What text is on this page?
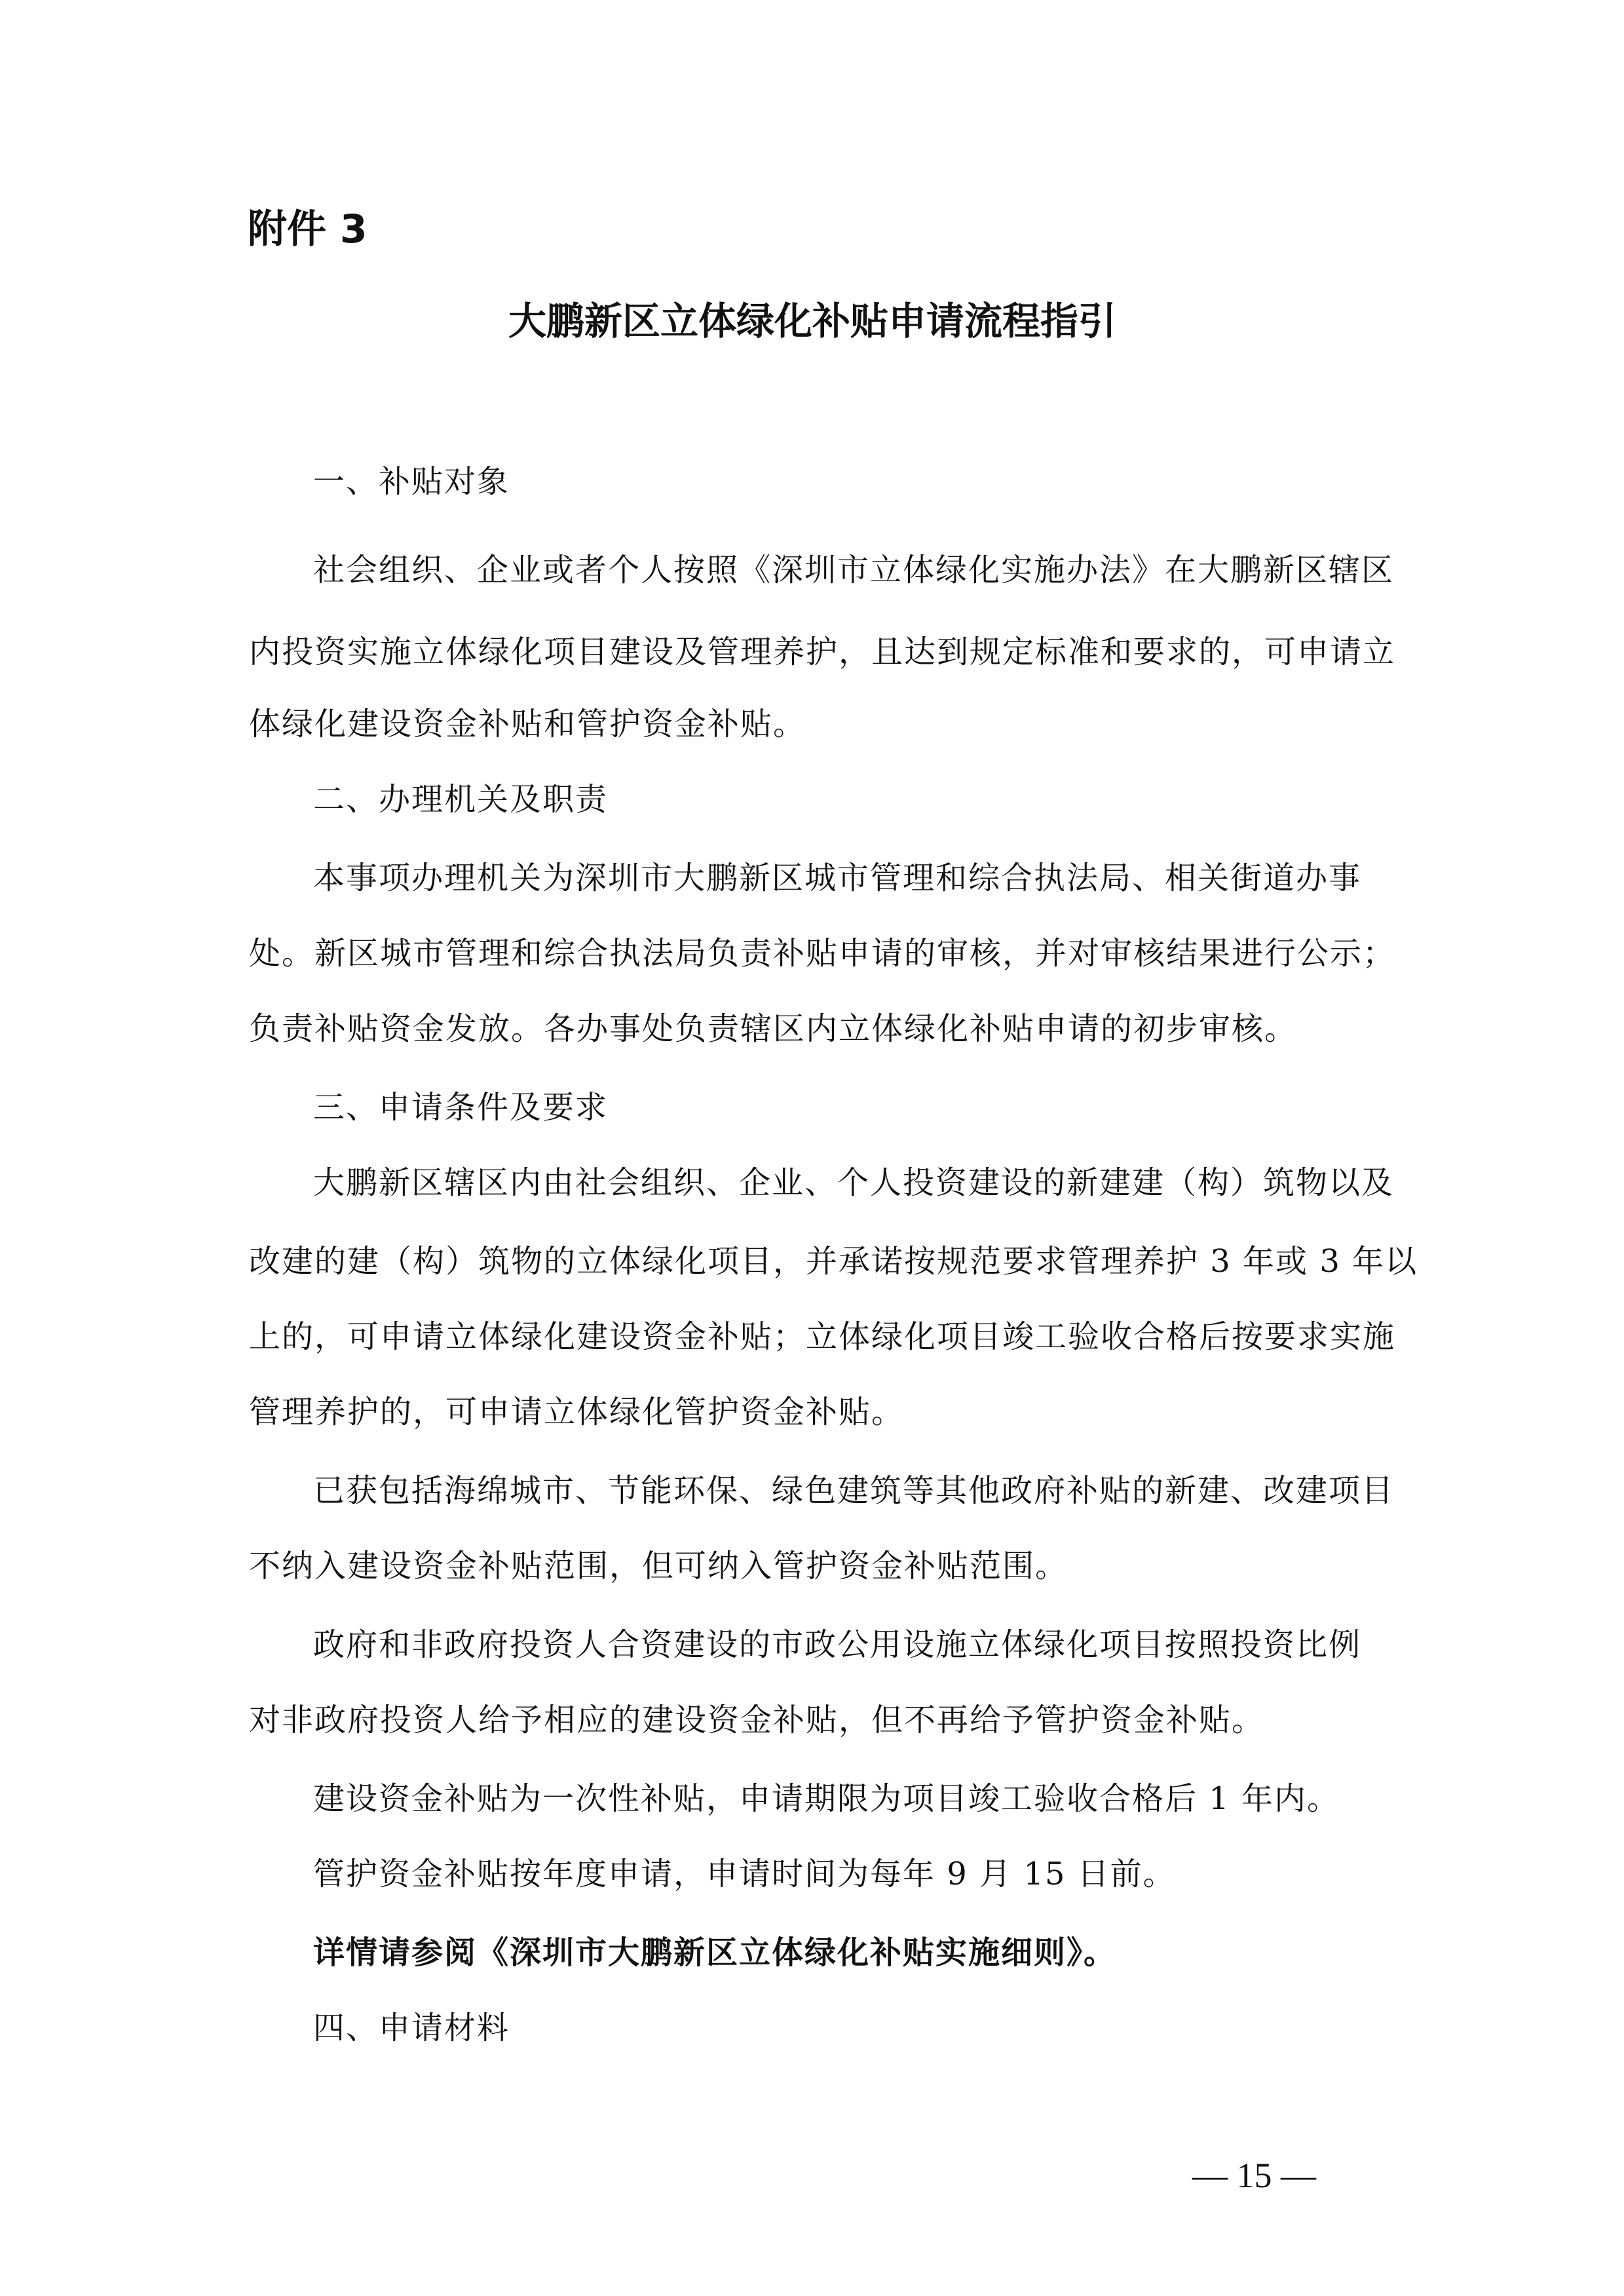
附件 3

大鹏新区立体绿化补贴申请流程指引

一、补贴对象

社会组织、企业或者个人按照《深圳市立体绿化实施办法》在大鹏新区辖区

内投资实施立体绿化项目建设及管理养护，且达到规定标准和要求的，可申请立

体绿化建设资金补贴和管护资金补贴。

二、办理机关及职责

本事项办理机关为深圳市大鹏新区城市管理和综合执法局、相关街道办事

处。新区城市管理和综合执法局负责补贴申请的审核，并对审核结果进行公示；

负责补贴资金发放。各办事处负责辖区内立体绿化补贴申请的初步审核。

三、申请条件及要求

大鹏新区辖区内由社会组织、企业、个人投资建设的新建建（构）筑物以及

改建的建（构）筑物的立体绿化项目，并承诺按规范要求管理养护 3 年或 3 年以

上的，可申请立体绿化建设资金补贴；立体绿化项目竣工验收合格后按要求实施

管理养护的，可申请立体绿化管护资金补贴。

已获包括海绵城市、节能环保、绿色建筑等其他政府补贴的新建、改建项目

不纳入建设资金补贴范围，但可纳入管护资金补贴范围。

政府和非政府投资人合资建设的市政公用设施立体绿化项目按照投资比例

对非政府投资人给予相应的建设资金补贴，但不再给予管护资金补贴。

建设资金补贴为一次性补贴，申请期限为项目竣工验收合格后 1 年内。

管护资金补贴按年度申请，申请时间为每年 9 月 15 日前。

详情请参阅《深圳市大鹏新区立体绿化补贴实施细则》。

四、申请材料

— 15 —
